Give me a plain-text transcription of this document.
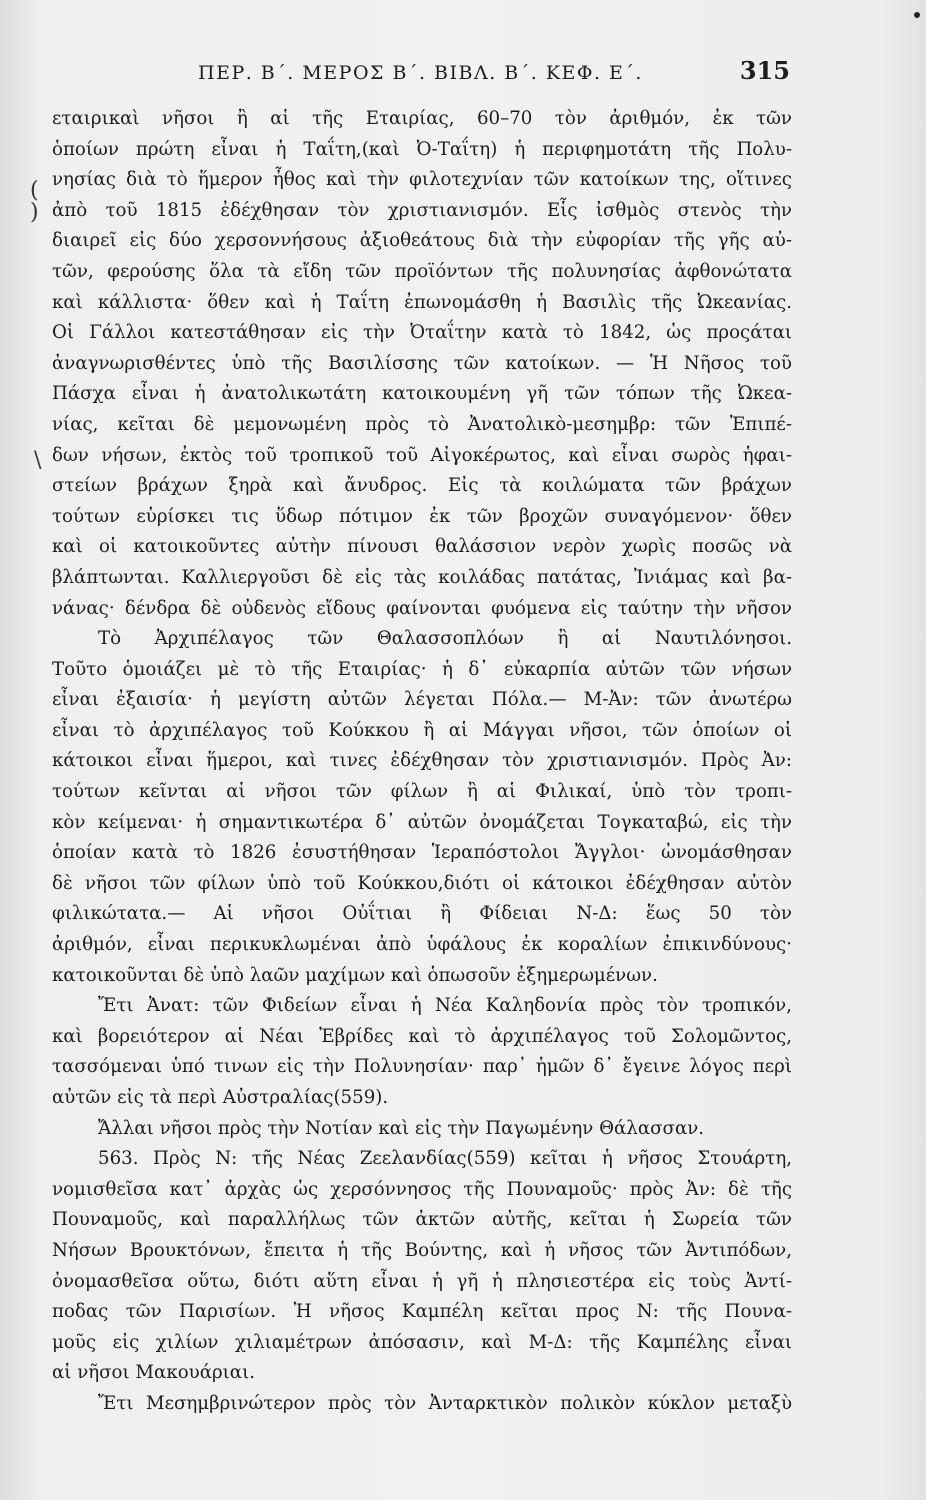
ΠΕΡ. Β΄. ΜΕΡΟΣ Β΄. ΒΙΒΛ. Β΄. ΚΕΦ. Ε΄.	315
(
)
\
εταιρικαὶ νῆσοι ἢ αἱ τῆς Εταιρίας, 60–70 τὸν ἀριθμόν, ἐκ τῶν
ὁποίων πρώτη εἶναι ἡ Ταΐτη,(καὶ Ὀ-Ταΐτη) ἡ περιφημοτάτη τῆς Πολυ-
νησίας διὰ τὸ ἥμερον ἦθος καὶ τὴν φιλοτεχνίαν τῶν κατοίκων της, οἵτινες
ἀπὸ τοῦ 1815 ἐδέχθησαν τὸν χριστιανισμόν. Εἷς ἰσθμὸς στενὸς τὴν
διαιρεῖ εἰς δύο χερσοννήσους ἀξιοθεάτους διὰ τὴν εὐφορίαν τῆς γῆς αὐ-
τῶν, φερούσης ὅλα τὰ εἴδη τῶν προϊόντων τῆς πολυνησίας ἀφθονώτατα
καὶ κάλλιστα· ὅθεν καὶ ἡ Ταΐτη ἐπωνομάσθη ἡ Βασιλὶς τῆς Ὠκεανίας.
Οἱ Γάλλοι κατεστάθησαν εἰς τὴν Ὀταΐτην κατὰ τὸ 1842, ὡς προςάται
ἀναγνωρισθέντες ὑπὸ τῆς Βασιλίσσης τῶν κατοίκων. — Ἡ Νῆσος τοῦ
Πάσχα εἶναι ἡ ἀνατολικωτάτη κατοικουμένη γῆ τῶν τόπων τῆς Ὠκεα-
νίας, κεῖται δὲ μεμονωμένη πρὸς τὸ Ἀνατολικὸ-μεσημβρ: τῶν Ἐπιπέ-
δων νήσων, ἐκτὸς τοῦ τροπικοῦ τοῦ Αἰγοκέρωτος, καὶ εἶναι σωρὸς ἡφαι-
στείων βράχων ξηρὰ καὶ ἄνυδρος. Εἰς τὰ κοιλώματα τῶν βράχων
τούτων εὑρίσκει τις ὕδωρ πότιμον ἐκ τῶν βροχῶν συναγόμενον· ὅθεν
καὶ οἱ κατοικοῦντες αὐτὴν πίνουσι θαλάσσιον νερὸν χωρὶς ποσῶς νὰ
βλάπτωνται. Καλλιεργοῦσι δὲ εἰς τὰς κοιλάδας πατάτας, Ἰνιάμας καὶ βα-
νάνας· δένδρα δὲ οὐδενὸς εἴδους φαίνονται φυόμενα εἰς ταύτην τὴν νῆσον
Τὸ Ἀρχιπέλαγος τῶν Θαλασσοπλόων ἢ αἱ Ναυτιλόνησοι.
Τοῦτο ὁμοιάζει μὲ τὸ τῆς Εταιρίας· ἡ δ᾽ εὐκαρπία αὐτῶν τῶν νήσων
εἶναι ἐξαισία· ἡ μεγίστη αὐτῶν λέγεται Πόλα.— Μ-Ἀν: τῶν ἀνωτέρω
εἶναι τὸ ἀρχιπέλαγος τοῦ Κούκκου ἢ αἱ Μάγγαι νῆσοι, τῶν ὁποίων οἱ
κάτοικοι εἶναι ἥμεροι, καὶ τινες ἐδέχθησαν τὸν χριστιανισμόν. Πρὸς Ἀν:
τούτων κεῖνται αἱ νῆσοι τῶν φίλων ἢ αἱ Φιλικαί, ὑπὸ τὸν τροπι-
κὸν κείμεναι· ἡ σημαντικωτέρα δ᾽ αὐτῶν ὀνομάζεται Τογκαταβώ, εἰς τὴν
ὁποίαν κατὰ τὸ 1826 ἐσυστήθησαν Ἱεραπόστολοι Ἄγγλοι· ὠνομάσθησαν
δὲ νῆσοι τῶν φίλων ὑπὸ τοῦ Κούκκου,διότι οἱ κάτοικοι ἐδέχθησαν αὐτὸν
φιλικώτατα.— Αἱ νῆσοι Οὐΐτιαι ἢ Φίδειαι Ν-Δ: ἕως 50 τὸν
ἀριθμόν, εἶναι περικυκλωμέναι ἀπὸ ὑφάλους ἐκ κοραλίων ἐπικινδύνους·
κατοικοῦνται δὲ ὑπὸ λαῶν μαχίμων καὶ ὁπωσοῦν ἐξημερωμένων.
Ἔτι Ἀνατ: τῶν Φιδείων εἶναι ἡ Νέα Καληδονία πρὸς τὸν τροπικόν,
καὶ βορειότερον αἱ Νέαι Ἐβρίδες καὶ τὸ ἀρχιπέλαγος τοῦ Σολομῶντος,
τασσόμεναι ὑπό τινων εἰς τὴν Πολυνησίαν· παρ᾽ ἡμῶν δ᾽ ἔγεινε λόγος περὶ
αὐτῶν εἰς τὰ περὶ Αὐστραλίας(559).
Ἄλλαι νῆσοι πρὸς τὴν Νοτίαν καὶ εἰς τὴν Παγωμένην Θάλασσαν.
563. Πρὸς Ν: τῆς Νέας Ζεελανδίας(559) κεῖται ἡ νῆσος Στουάρτη,
νομισθεῖσα κατ᾽ ἀρχὰς ὡς χερσόννησος τῆς Πουναμοῦς· πρὸς Ἀν: δὲ τῆς
Πουναμοῦς, καὶ παραλλήλως τῶν ἀκτῶν αὐτῆς, κεῖται ἡ Σωρεία τῶν
Νήσων Βρουκτόνων, ἔπειτα ἡ τῆς Βούντης, καὶ ἡ νῆσος τῶν Ἀντιπόδων,
ὀνομασθεῖσα οὕτω, διότι αὕτη εἶναι ἡ γῆ ἡ πλησιεστέρα εἰς τοὺς Ἀντί-
ποδας τῶν Παρισίων. Ἡ νῆσος Καμπέλη κεῖται προς Ν: τῆς Πουνα-
μοῦς εἰς χιλίων χιλιαμέτρων ἀπόσασιν, καὶ Μ-Δ: τῆς Καμπέλης εἶναι
αἱ νῆσοι Μακουάριαι.
Ἔτι Μεσημβρινώτερον πρὸς τὸν Ἀνταρκτικὸν πολικὸν κύκλον μεταξὺ
